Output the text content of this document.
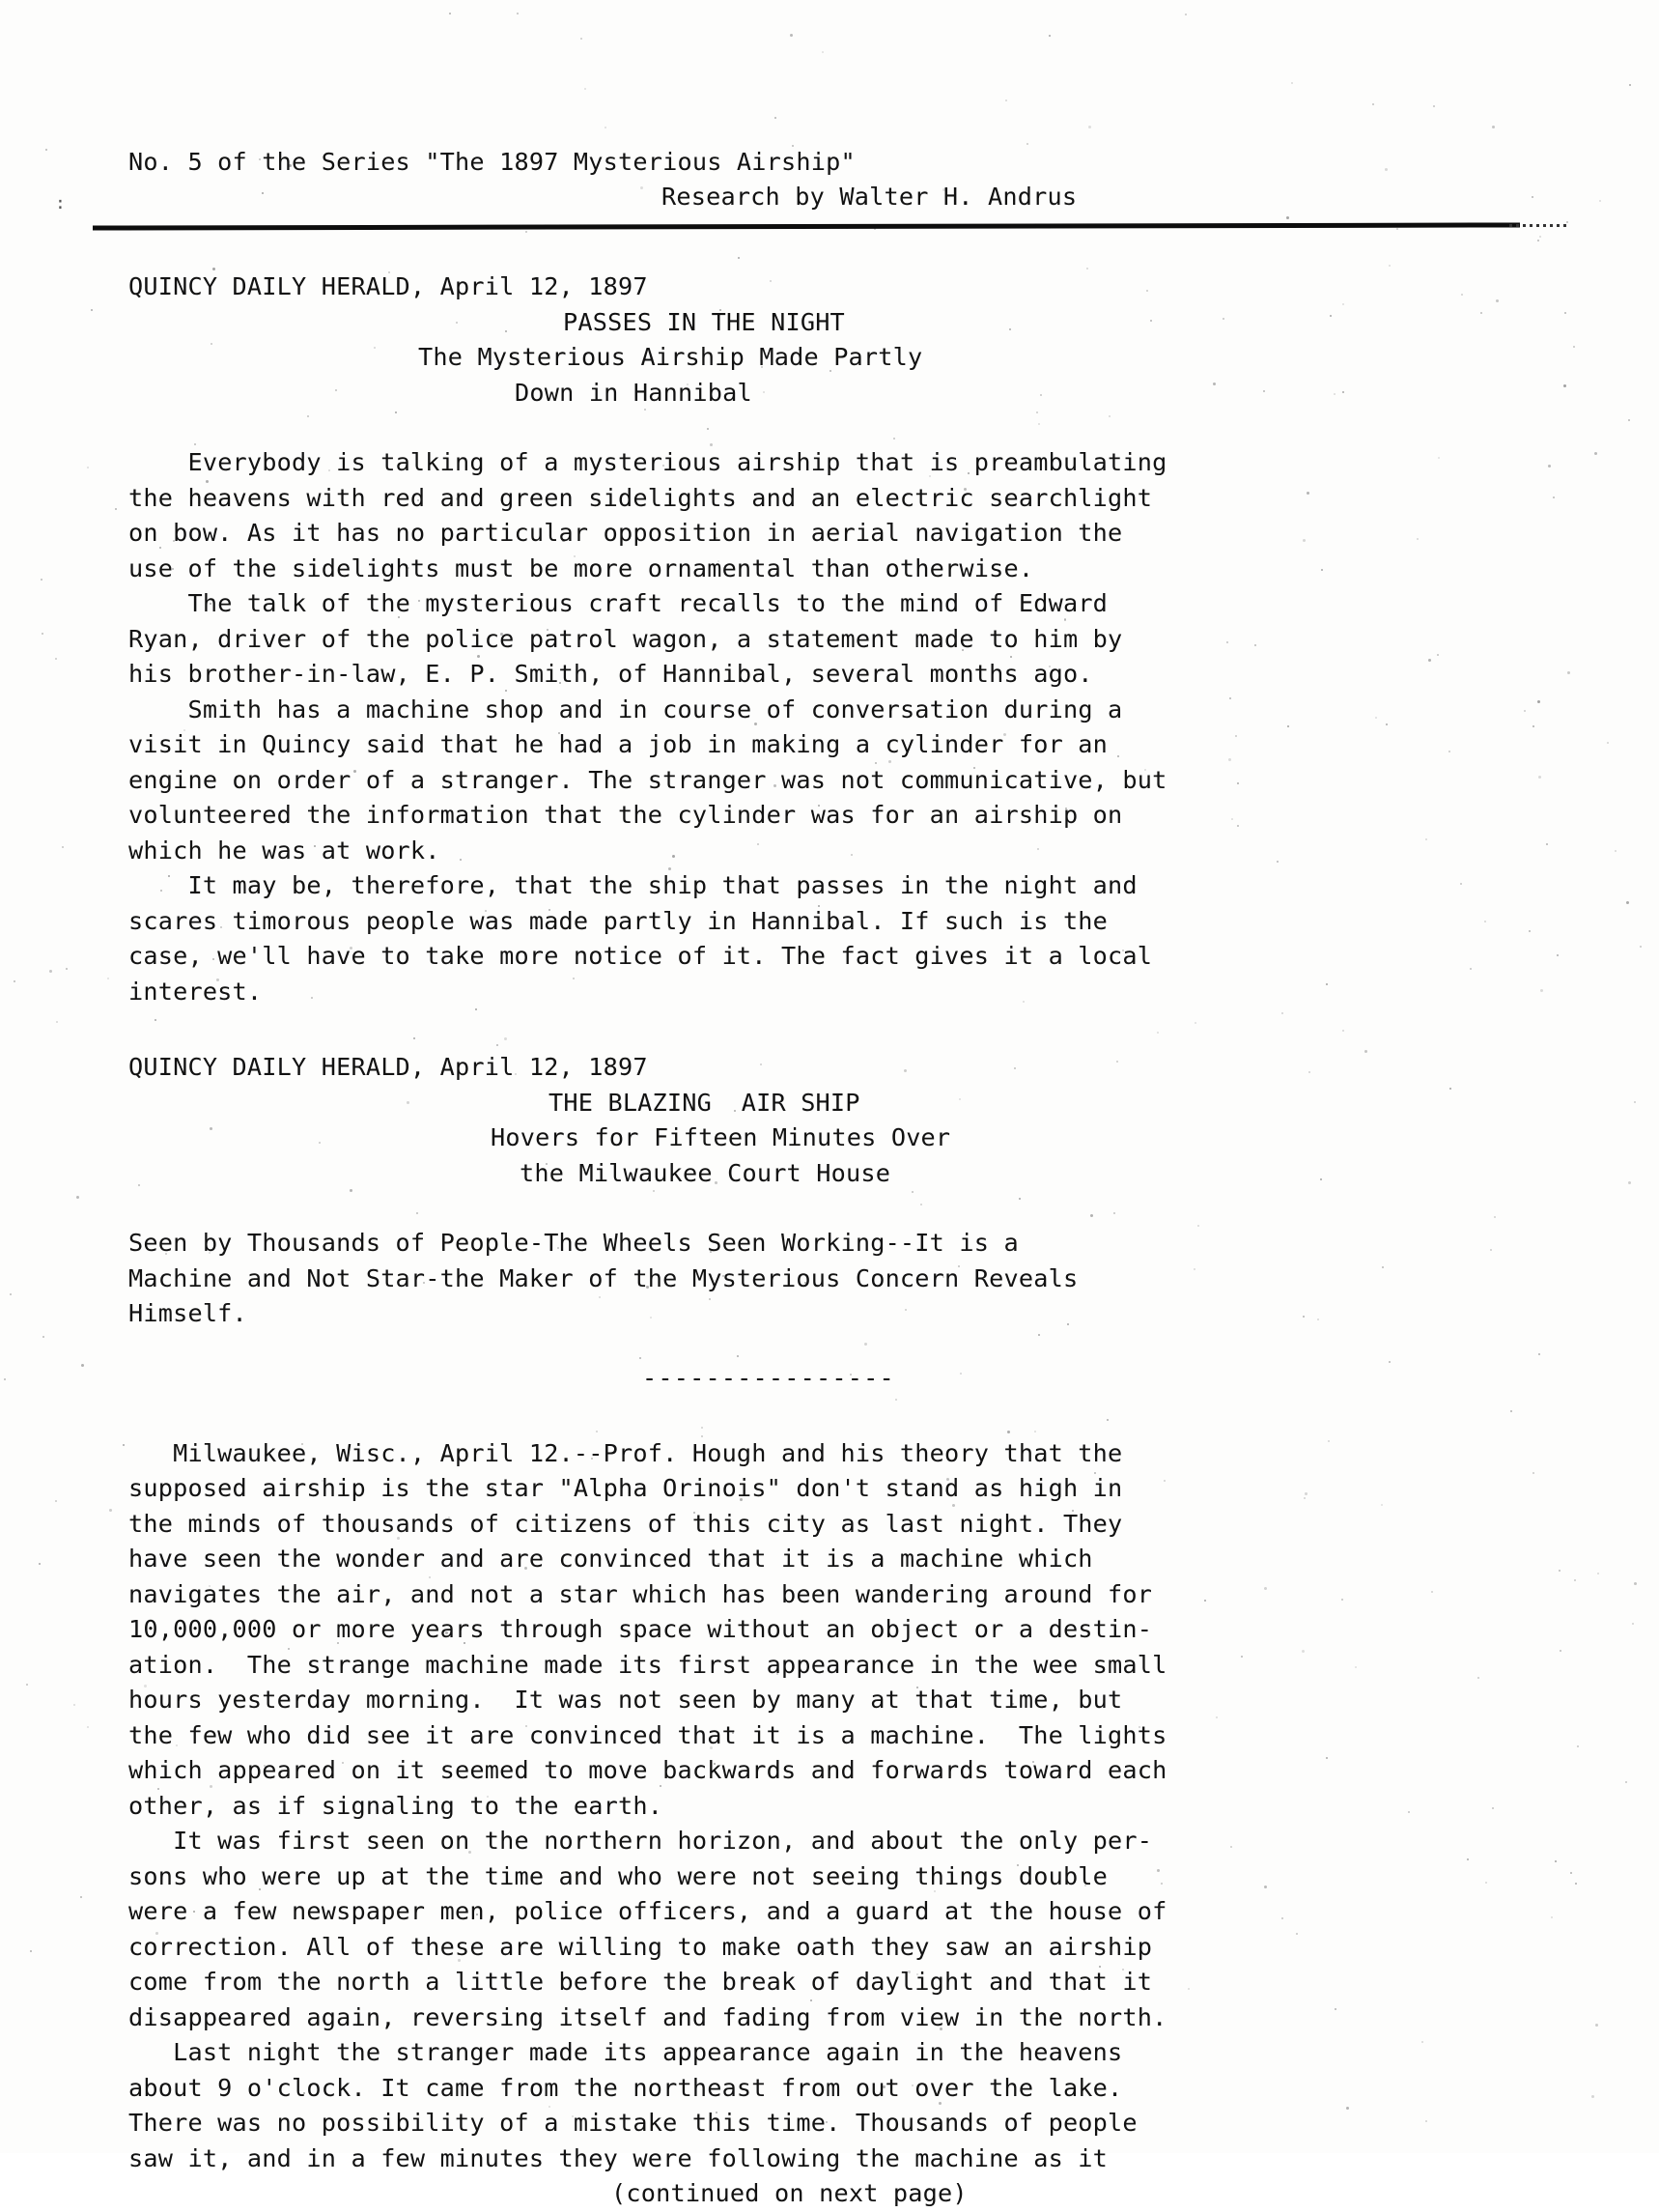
:
No. 5 of the Series "The 1897 Mysterious Airship"
Research by Walter H. Andrus
QUINCY DAILY HERALD, April 12, 1897
PASSES IN THE NIGHT
The Mysterious Airship Made Partly
Down in Hannibal
Everybody is talking of a mysterious airship that is preambulating
the heavens with red and green sidelights and an electric searchlight
on bow. As it has no particular opposition in aerial navigation the
use of the sidelights must be more ornamental than otherwise.
The talk of the mysterious craft recalls to the mind of Edward
Ryan, driver of the police patrol wagon, a statement made to him by
his brother-in-law, E. P. Smith, of Hannibal, several months ago.
Smith has a machine shop and in course of conversation during a
visit in Quincy said that he had a job in making a cylinder for an
engine on order of a stranger. The stranger was not communicative, but
volunteered the information that the cylinder was for an airship on
which he was at work.
It may be, therefore, that the ship that passes in the night and
scares timorous people was made partly in Hannibal. If such is the
case, we'll have to take more notice of it. The fact gives it a local
interest.
QUINCY DAILY HERALD, April 12, 1897
THE BLAZING  AIR SHIP
Hovers for Fifteen Minutes Over
the Milwaukee Court House
Seen by Thousands of People-The Wheels Seen Working--It is a
Machine and Not Star-the Maker of the Mysterious Concern Reveals
Himself.
----------------
Milwaukee, Wisc., April 12.--Prof. Hough and his theory that the
supposed airship is the star "Alpha Orinois" don't stand as high in
the minds of thousands of citizens of this city as last night. They
have seen the wonder and are convinced that it is a machine which
navigates the air, and not a star which has been wandering around for
10,000,000 or more years through space without an object or a destin-
ation.  The strange machine made its first appearance in the wee small
hours yesterday morning.  It was not seen by many at that time, but
the few who did see it are convinced that it is a machine.  The lights
which appeared on it seemed to move backwards and forwards toward each
other, as if signaling to the earth.
It was first seen on the northern horizon, and about the only per-
sons who were up at the time and who were not seeing things double
were a few newspaper men, police officers, and a guard at the house of
correction. All of these are willing to make oath they saw an airship
come from the north a little before the break of daylight and that it
disappeared again, reversing itself and fading from view in the north.
Last night the stranger made its appearance again in the heavens
about 9 o'clock. It came from the northeast from out over the lake.
There was no possibility of a mistake this time. Thousands of people
saw it, and in a few minutes they were following the machine as it
(continued on next page)
